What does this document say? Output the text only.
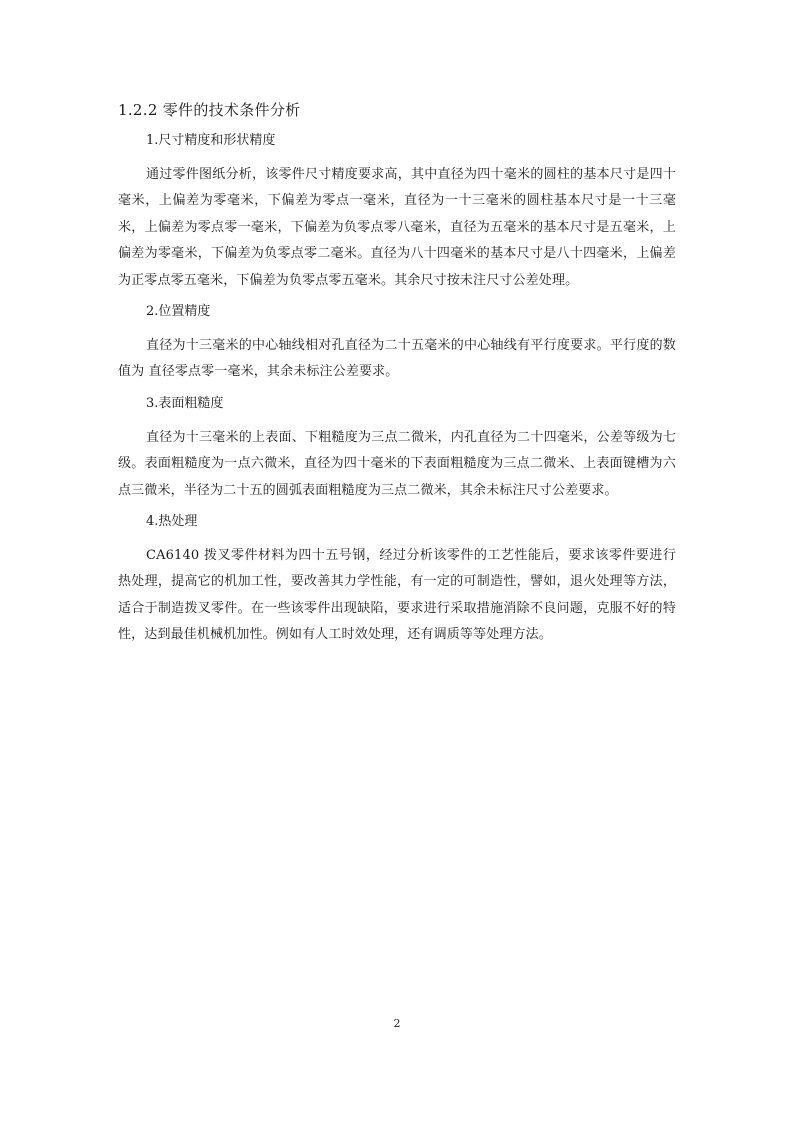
1.2.2 零件的技术条件分析
1.尺寸精度和形状精度

通过零件图纸分析，该零件尺寸精度要求高，其中直径为四十毫米的圆柱的基本尺寸是四十毫米，上偏差为零毫米，下偏差为零点一毫米，直径为一十三毫米的圆柱基本尺寸是一十三毫米，上偏差为零点零一毫米，下偏差为负零点零八毫米，直径为五毫米的基本尺寸是五毫米，上偏差为零毫米，下偏差为负零点零二毫米。直径为八十四毫米的基本尺寸是八十四毫米，上偏差为正零点零五毫米，下偏差为负零点零五毫米。其余尺寸按未注尺寸公差处理。

2.位置精度

直径为十三毫米的中心轴线相对孔直径为二十五毫米的中心轴线有平行度要求。平行度的数值为 直径零点零一毫米，其余未标注公差要求。

3.表面粗糙度

直径为十三毫米的上表面、下粗糙度为三点二微米，内孔直径为二十四毫米，公差等级为七级。表面粗糙度为一点六微米，直径为四十毫米的下表面粗糙度为三点二微米、上表面键槽为六点三微米，半径为二十五的圆弧表面粗糙度为三点二微米，其余未标注尺寸公差要求。

4.热处理

CA6140 拨叉零件材料为四十五号钢，经过分析该零件的工艺性能后，要求该零件要进行热处理，提高它的机加工性，要改善其力学性能，有一定的可制造性，譬如，退火处理等方法，适合于制造拨叉零件。在一些该零件出现缺陷，要求进行采取措施消除不良问题，克服不好的特性，达到最佳机械机加性。例如有人工时效处理，还有调质等等处理方法。

2
